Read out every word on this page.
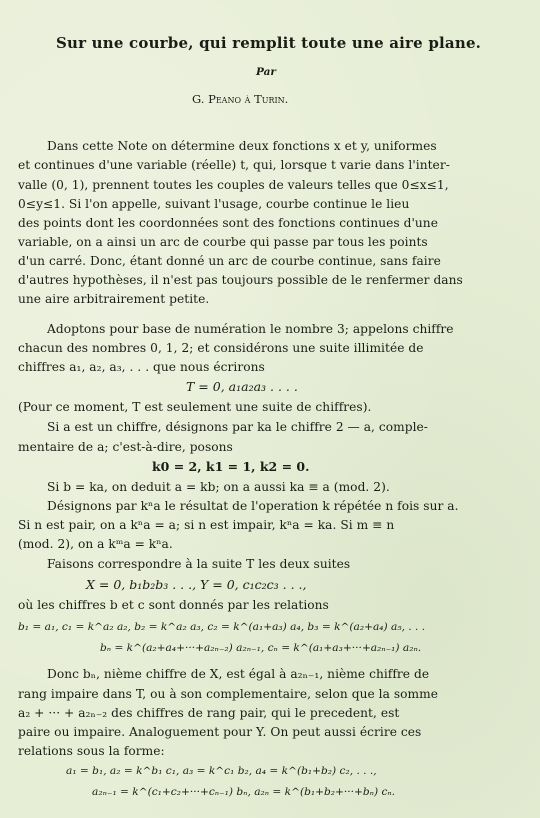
Sur une courbe, qui remplit toute une aire plane.
Par
G. Peano à Turin.
Dans cette Note on détermine deux fonctions x et y, uniformes
et continues d'une variable (réelle) t, qui, lorsque t varie dans l'inter-
valle (0, 1), prennent toutes les couples de valeurs telles que 0≤x≤1,
0≤y≤1. Si l'on appelle, suivant l'usage, courbe continue le lieu
des points dont les coordonnées sont des fonctions continues d'une
variable, on a ainsi un arc de courbe qui passe par tous les points
d'un carré. Donc, étant donné un arc de courbe continue, sans faire
d'autres hypothèses, il n'est pas toujours possible de le renfermer dans
une aire arbitrairement petite.
Adoptons pour base de numération le nombre 3; appelons chiffre
chacun des nombres 0, 1, 2; et considérons une suite illimitée de
chiffres a₁, a₂, a₃, . . . que nous écrirons
T = 0, a₁a₂a₃ . . . .
(Pour ce moment, T est seulement une suite de chiffres).
Si a est un chiffre, désignons par ka le chiffre 2 — a, comple-
mentaire de a; c'est-à-dire, posons
k0 = 2, k1 = 1, k2 = 0.
Si b = ka, on deduit a = kb; on a aussi ka ≡ a (mod. 2).
Désignons par kⁿa le résultat de l'operation k répétée n fois sur a.
Si n est pair, on a kⁿa = a; si n est impair, kⁿa = ka. Si m ≡ n
(mod. 2), on a kᵐa = kⁿa.
Faisons correspondre à la suite T les deux suites
X = 0, b₁b₂b₃ . . ., Y = 0, c₁c₂c₃ . . .,
où les chiffres b et c sont donnés par les relations
b₁ = a₁, c₁ = k^a₂ a₂, b₂ = k^a₂ a₃, c₂ = k^(a₁+a₃) a₄, b₃ = k^(a₂+a₄) a₅, . . .
bₙ = k^(a₂+a₄+···+a₂ₙ₋₂) a₂ₙ₋₁, cₙ = k^(a₁+a₃+···+a₂ₙ₋₁) a₂ₙ.
Donc bₙ, nième chiffre de X, est égal à a₂ₙ₋₁, nième chiffre de
rang impaire dans T, ou à son complementaire, selon que la somme
a₂ + ··· + a₂ₙ₋₂ des chiffres de rang pair, qui le precedent, est
paire ou impaire. Analoguement pour Y. On peut aussi écrire ces
relations sous la forme:
a₁ = b₁, a₂ = k^b₁ c₁, a₃ = k^c₁ b₂, a₄ = k^(b₁+b₂) c₂, . . .,
a₂ₙ₋₁ = k^(c₁+c₂+···+cₙ₋₁) bₙ, a₂ₙ = k^(b₁+b₂+···+bₙ) cₙ.
